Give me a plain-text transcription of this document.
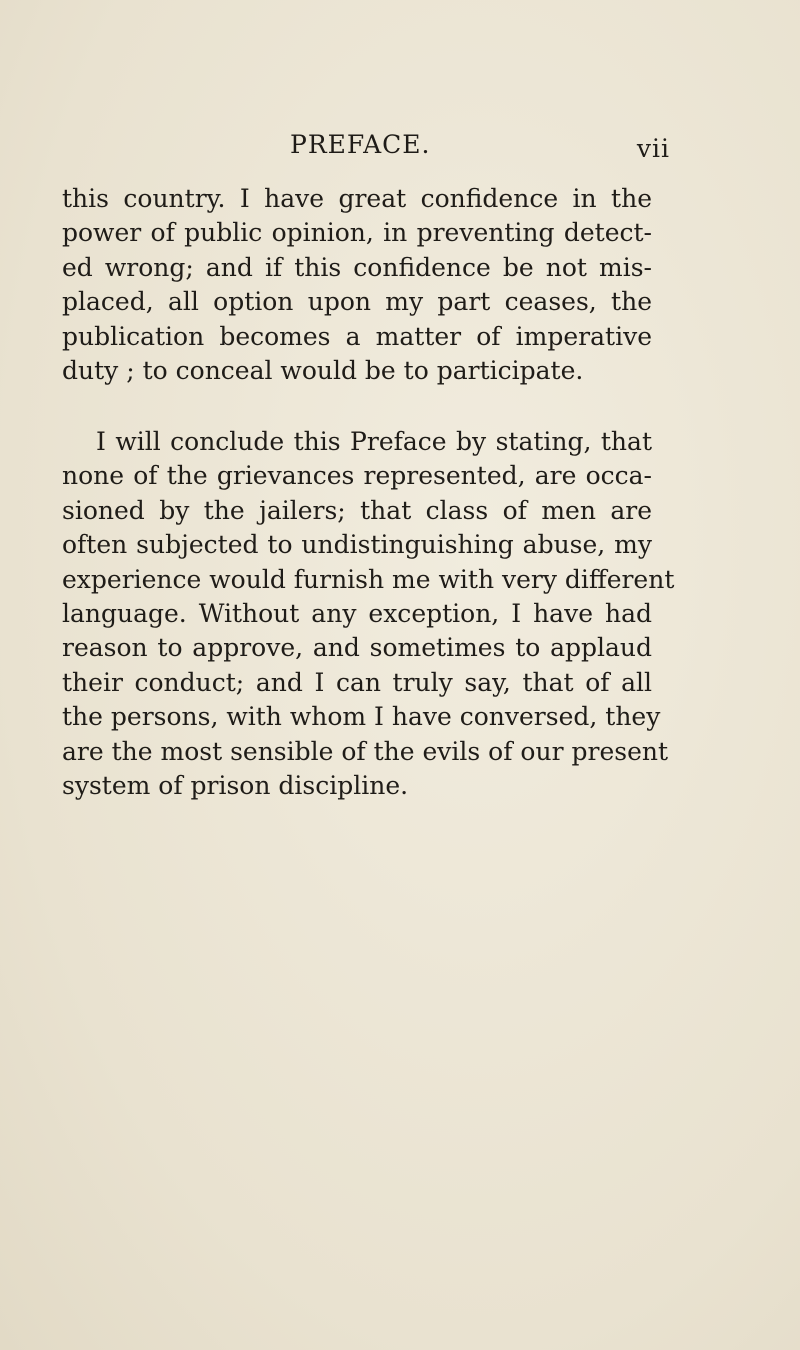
PREFACE.	vii
this country. I have great confidence in the
power of public opinion, in preventing detect-
ed wrong; and if this confidence be not mis-
placed, all option upon my part ceases, the
publication becomes a matter of imperative
duty ; to conceal would be to participate.
I will conclude this Preface by stating, that
none of the grievances represented, are occa-
sioned by the jailers; that class of men are
often subjected to undistinguishing abuse, my
experience would furnish me with very different
language. Without any exception, I have had
reason to approve, and sometimes to applaud
their conduct; and I can truly say, that of all
the persons, with whom I have conversed, they
are the most sensible of the evils of our present
system of prison discipline.
